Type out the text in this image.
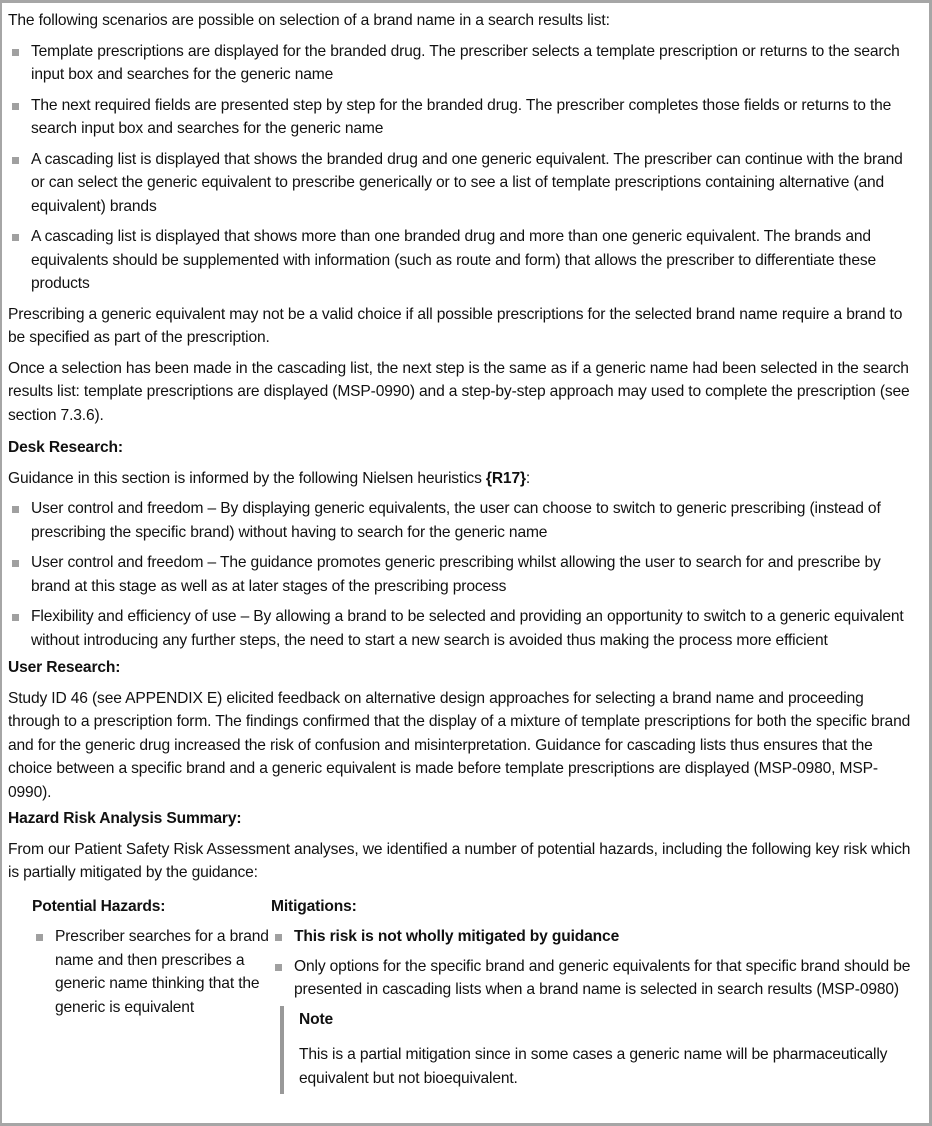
The following scenarios are possible on selection of a brand name in a search results list:

Template prescriptions are displayed for the branded drug. The prescriber selects a template prescription or returns to the search input box and searches for the generic name
The next required fields are presented step by step for the branded drug. The prescriber completes those fields or returns to the search input box and searches for the generic name
A cascading list is displayed that shows the branded drug and one generic equivalent. The prescriber can continue with the brand or can select the generic equivalent to prescribe generically or to see a list of template prescriptions containing alternative (and equivalent) brands
A cascading list is displayed that shows more than one branded drug and more than one generic equivalent. The brands and equivalents should be supplemented with information (such as route and form) that allows the prescriber to differentiate these products

Prescribing a generic equivalent may not be a valid choice if all possible prescriptions for the selected brand name require a brand to be specified as part of the prescription.

Once a selection has been made in the cascading list, the next step is the same as if a generic name had been selected in the search results list: template prescriptions are displayed (MSP-0990) and a step-by-step approach may used to complete the prescription (see section 7.3.6).

Desk Research:

Guidance in this section is informed by the following Nielsen heuristics {R17}:

User control and freedom – By displaying generic equivalents, the user can choose to switch to generic prescribing (instead of prescribing the specific brand) without having to search for the generic name
User control and freedom – The guidance promotes generic prescribing whilst allowing the user to search for and prescribe by brand at this stage as well as at later stages of the prescribing process
Flexibility and efficiency of use – By allowing a brand to be selected and providing an opportunity to switch to a generic equivalent without introducing any further steps, the need to start a new search is avoided thus making the process more efficient
User Research:

Study ID 46 (see APPENDIX E) elicited feedback on alternative design approaches for selecting a brand name and proceeding through to a prescription form. The findings confirmed that the display of a mixture of template prescriptions for both the specific brand and for the generic drug increased the risk of confusion and misinterpretation. Guidance for cascading lists thus ensures that the choice between a specific brand and a generic equivalent is made before template prescriptions are displayed (MSP-0980, MSP-0990).

Hazard Risk Analysis Summary:

From our Patient Safety Risk Assessment analyses, we identified a number of potential hazards, including the following key risk which is partially mitigated by the guidance:

Potential Hazards:
Prescriber searches for a brand name and then prescribes a generic name thinking that the generic is equivalent
Mitigations:
This risk is not wholly mitigated by guidance
Only options for the specific brand and generic equivalents for that specific brand should be presented in cascading lists when a brand name is selected in search results (MSP-0980)
Note
This is a partial mitigation since in some cases a generic name will be pharmaceutically equivalent but not bioequivalent.
